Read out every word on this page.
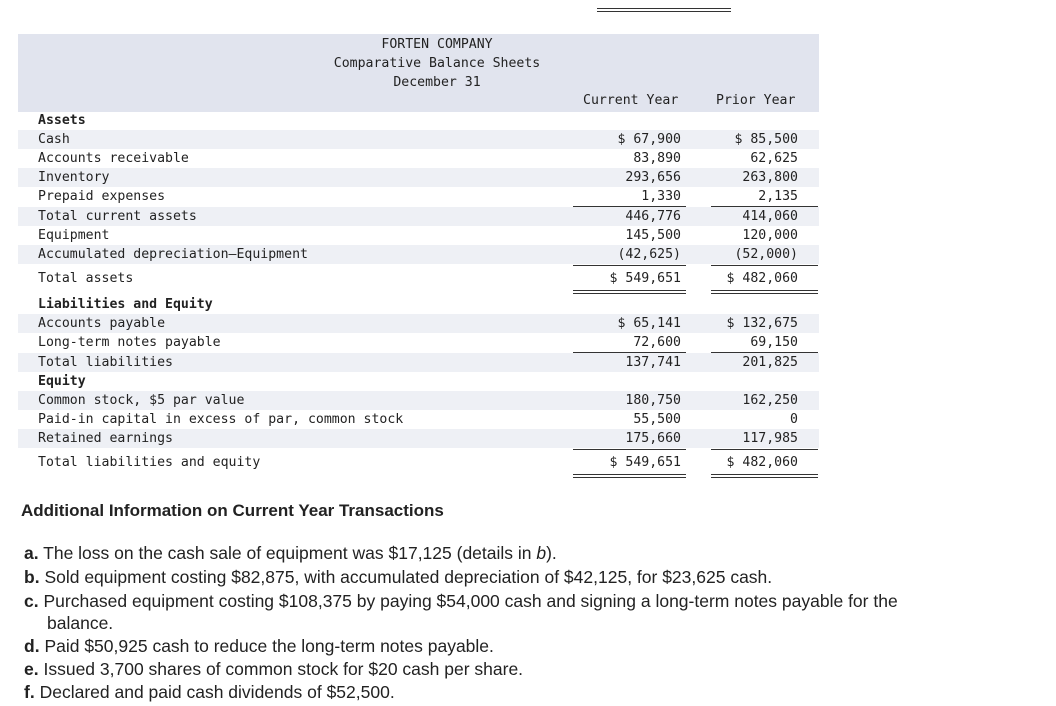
FORTEN COMPANY
Comparative Balance Sheets
December 31
Current Year	Prior Year
Assets
Cash	$ 67,900	$ 85,500
Accounts receivable	83,890	62,625
Inventory	293,656	263,800
Prepaid expenses	1,330	2,135
Total current assets	446,776	414,060
Equipment	145,500	120,000
Accumulated depreciation—Equipment	(42,625)	(52,000)
Total assets	$ 549,651	$ 482,060
Liabilities and Equity
Accounts payable	$ 65,141	$ 132,675
Long-term notes payable	72,600	69,150
Total liabilities	137,741	201,825
Equity
Common stock, $5 par value	180,750	162,250
Paid-in capital in excess of par, common stock	55,500	0
Retained earnings	175,660	117,985
Total liabilities and equity	$ 549,651	$ 482,060
Additional Information on Current Year Transactions
a. The loss on the cash sale of equipment was $17,125 (details in b).
b. Sold equipment costing $82,875, with accumulated depreciation of $42,125, for $23,625 cash.
c. Purchased equipment costing $108,375 by paying $54,000 cash and signing a long-term notes payable for the
balance.
d. Paid $50,925 cash to reduce the long-term notes payable.
e. Issued 3,700 shares of common stock for $20 cash per share.
f. Declared and paid cash dividends of $52,500.
